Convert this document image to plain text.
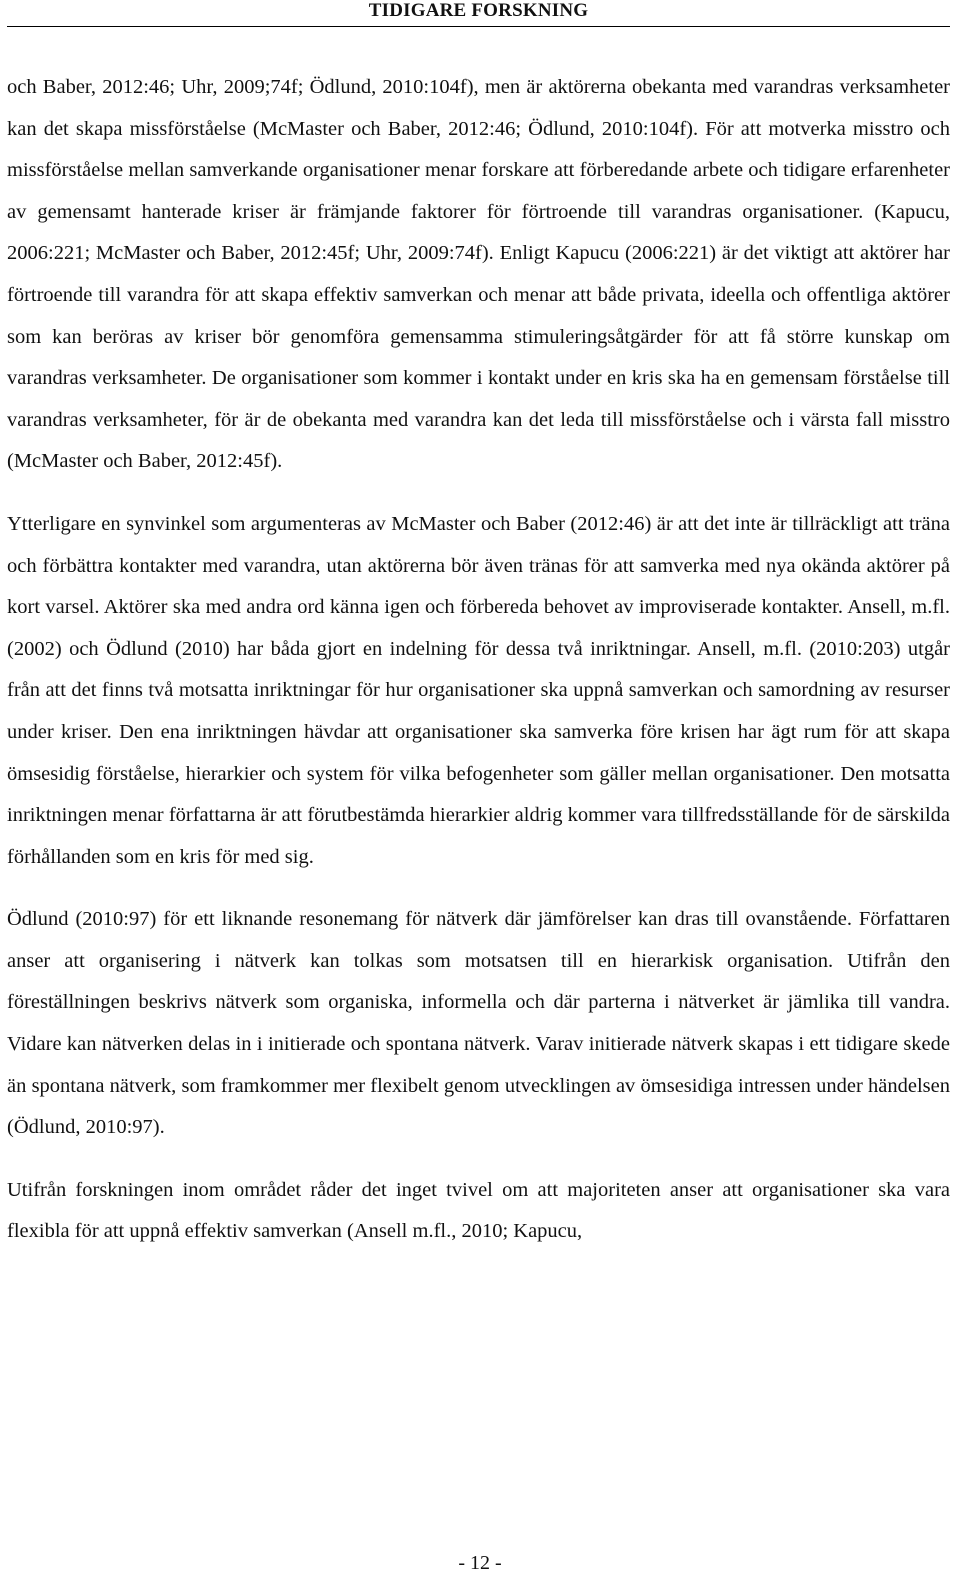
TIDIGARE FORSKNING

och Baber, 2012:46; Uhr, 2009;74f; Ödlund, 2010:104f), men är aktörerna obekanta med varandras verksamheter kan det skapa missförståelse (McMaster och Baber, 2012:46; Ödlund, 2010:104f). För att motverka misstro och missförståelse mellan samverkande organisationer menar forskare att förberedande arbete och tidigare erfarenheter av gemensamt hanterade kriser är främjande faktorer för förtroende till varandras organisationer. (Kapucu, 2006:221; McMaster och Baber, 2012:45f; Uhr, 2009:74f). Enligt Kapucu (2006:221) är det viktigt att aktörer har förtroende till varandra för att skapa effektiv samverkan och menar att både privata, ideella och offentliga aktörer som kan beröras av kriser bör genomföra gemensamma stimuleringsåtgärder för att få större kunskap om varandras verksamheter. De organisationer som kommer i kontakt under en kris ska ha en gemensam förståelse till varandras verksamheter, för är de obekanta med varandra kan det leda till missförståelse och i värsta fall misstro (McMaster och Baber, 2012:45f).

Ytterligare en synvinkel som argumenteras av McMaster och Baber (2012:46) är att det inte är tillräckligt att träna och förbättra kontakter med varandra, utan aktörerna bör även tränas för att samverka med nya okända aktörer på kort varsel. Aktörer ska med andra ord känna igen och förbereda behovet av improviserade kontakter. Ansell, m.fl. (2002) och Ödlund (2010) har båda gjort en indelning för dessa två inriktningar. Ansell, m.fl. (2010:203) utgår från att det finns två motsatta inriktningar för hur organisationer ska uppnå samverkan och samordning av resurser under kriser. Den ena inriktningen hävdar att organisationer ska samverka före krisen har ägt rum för att skapa ömsesidig förståelse, hierarkier och system för vilka befogenheter som gäller mellan organisationer. Den motsatta inriktningen menar författarna är att förutbestämda hierarkier aldrig kommer vara tillfredsställande för de särskilda förhållanden som en kris för med sig.

Ödlund (2010:97) för ett liknande resonemang för nätverk där jämförelser kan dras till ovanstående. Författaren anser att organisering i nätverk kan tolkas som motsatsen till en hierarkisk organisation. Utifrån den föreställningen beskrivs nätverk som organiska, informella och där parterna i nätverket är jämlika till vandra. Vidare kan nätverken delas in i initierade och spontana nätverk. Varav initierade nätverk skapas i ett tidigare skede än spontana nätverk, som framkommer mer flexibelt genom utvecklingen av ömsesidiga intressen under händelsen (Ödlund, 2010:97).

Utifrån forskningen inom området råder det inget tvivel om att majoriteten anser att organisationer ska vara flexibla för att uppnå effektiv samverkan (Ansell m.fl., 2010; Kapucu,

- 12 -
